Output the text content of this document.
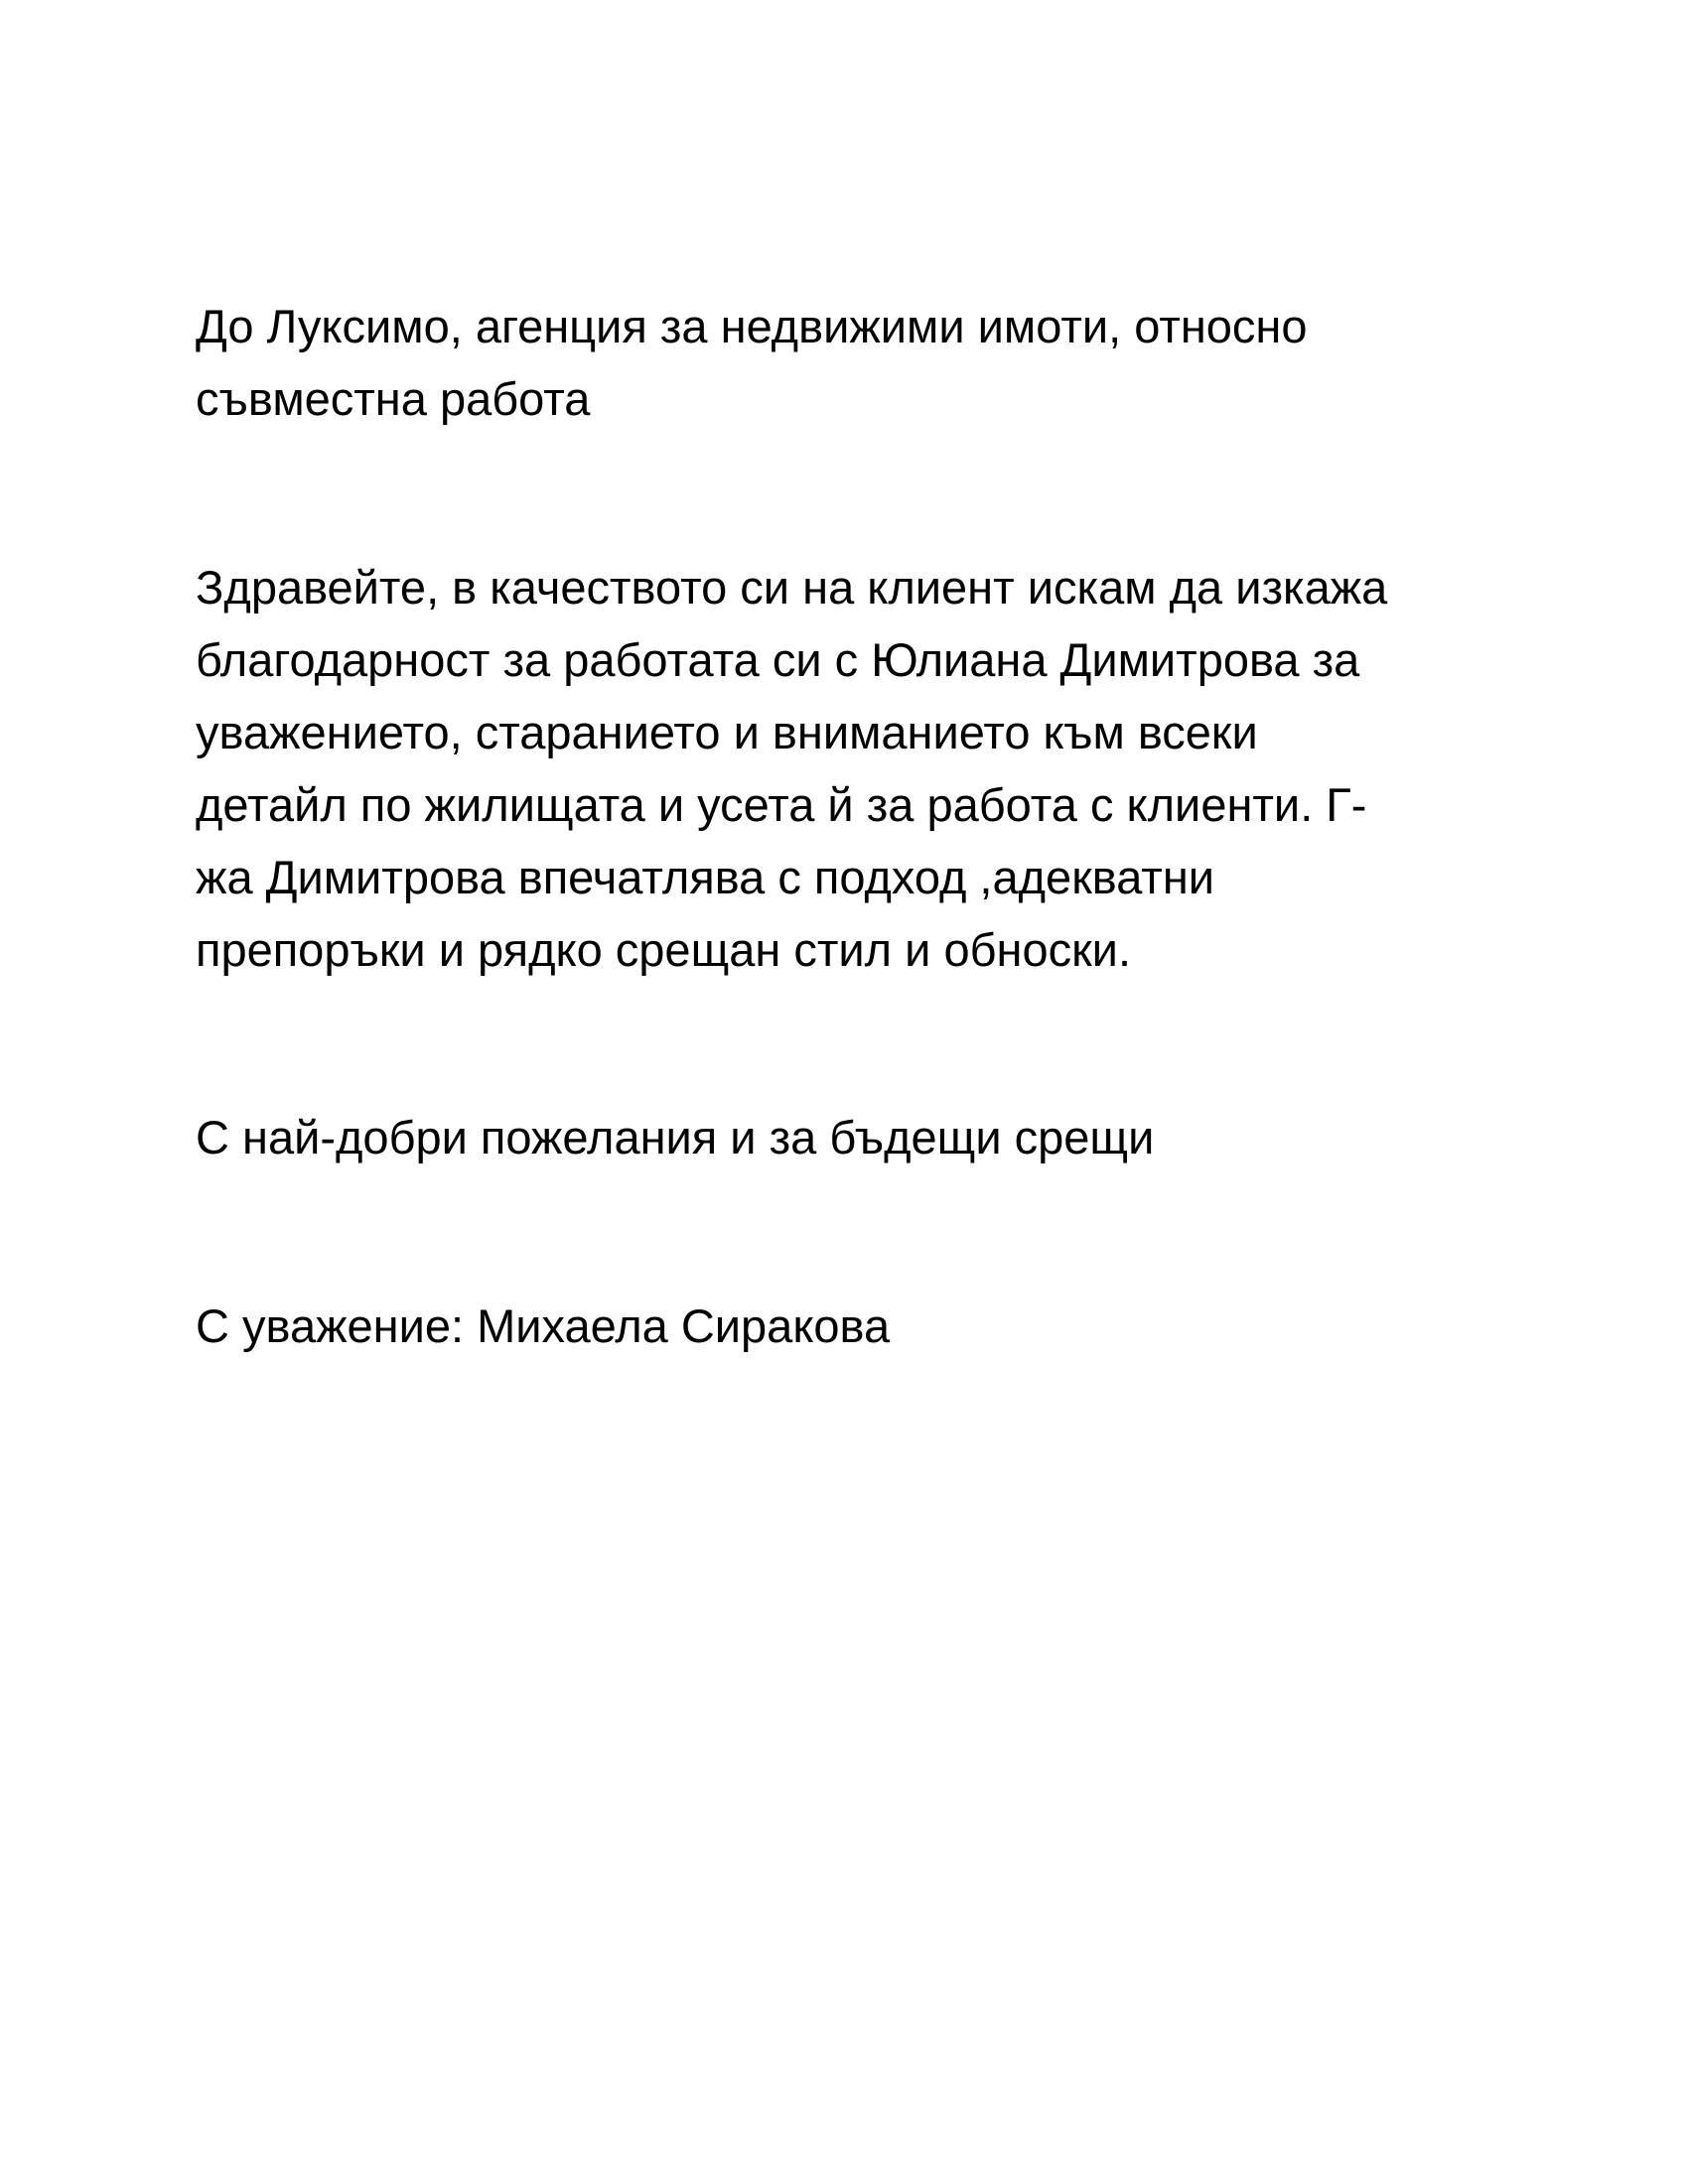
До Луксимо, агенция за недвижими имоти, относно

съвместна работа

Здравейте, в качеството си на клиент искам да изкажа

благодарност за работата си с Юлиана Димитрова за

уважението, старанието и вниманието към всеки

детайл по жилищата и усета й за работа с клиенти. Г-

жа Димитрова впечатлява с подход ,адекватни

препоръки и рядко срещан стил и обноски.

С най-добри пожелания и за бъдещи срещи

С уважение: Михаела Сиракова
